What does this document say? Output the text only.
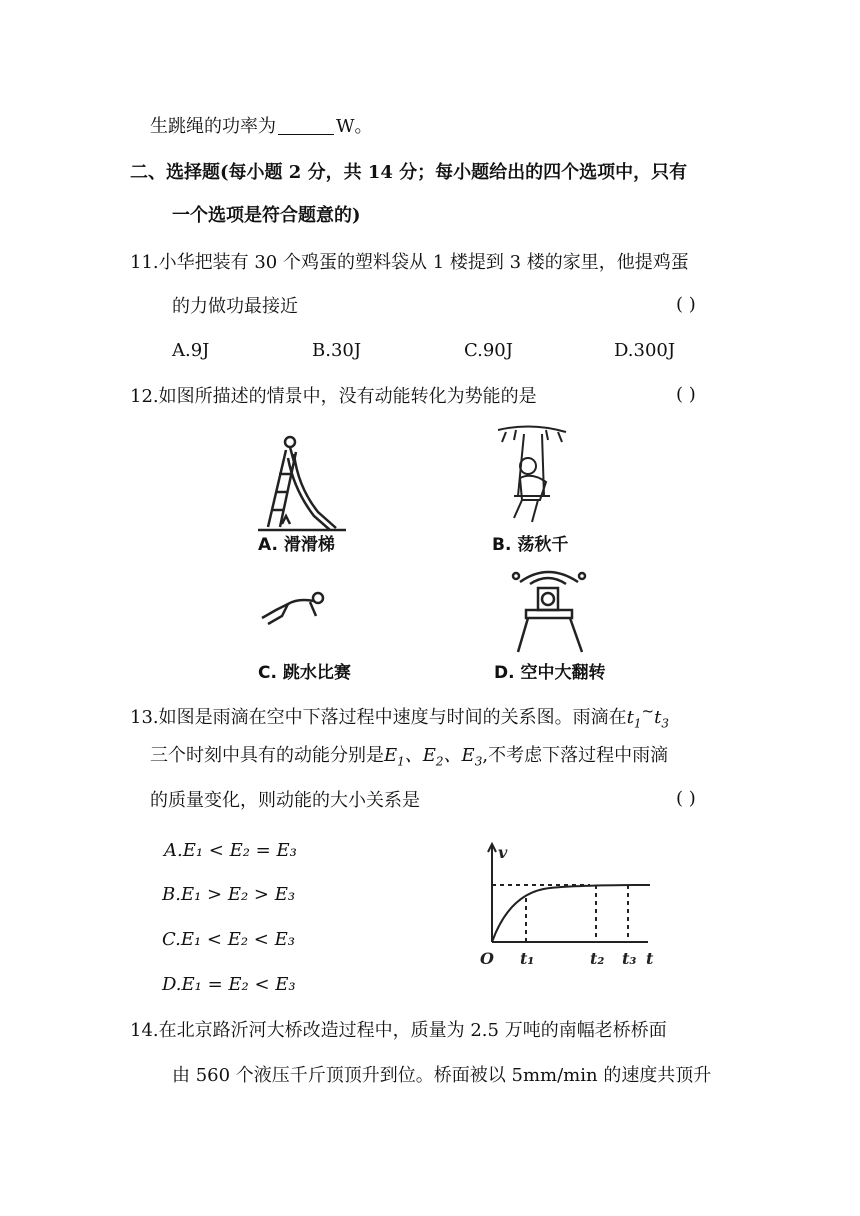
生跳绳的功率为	W。
二、选择题(每小题 2 分，共 14 分；每小题给出的四个选项中，只有
一个选项是符合题意的)
11.小华把装有 30 个鸡蛋的塑料袋从 1 楼提到 3 楼的家里，他提鸡蛋
的力做功最接近	( )
A.9J	B.30J	C.90J	D.300J
12.如图所描述的情景中，没有动能转化为势能的是	( )
A. 滑滑梯	B. 荡秋千
C. 跳水比赛	D. 空中大翻转
13.如图是雨滴在空中下落过程中速度与时间的关系图。雨滴在$t_1^\sim t_3$
三个时刻中具有的动能分别是$E_1$、$E_2$、$E_3$,不考虑下落过程中雨滴
的质量变化，则动能的大小关系是	( )
A.E₁ < E₂ = E₃
B.E₁ > E₂ > E₃
C.E₁ < E₂ < E₃
D.E₁ = E₂ < E₃
v
O t₁	t₂ t₃ t
14.在北京路沂河大桥改造过程中，质量为 2.5 万吨的南幅老桥桥面
由 560 个液压千斤顶顶升到位。桥面被以 5mm/min 的速度共顶升
